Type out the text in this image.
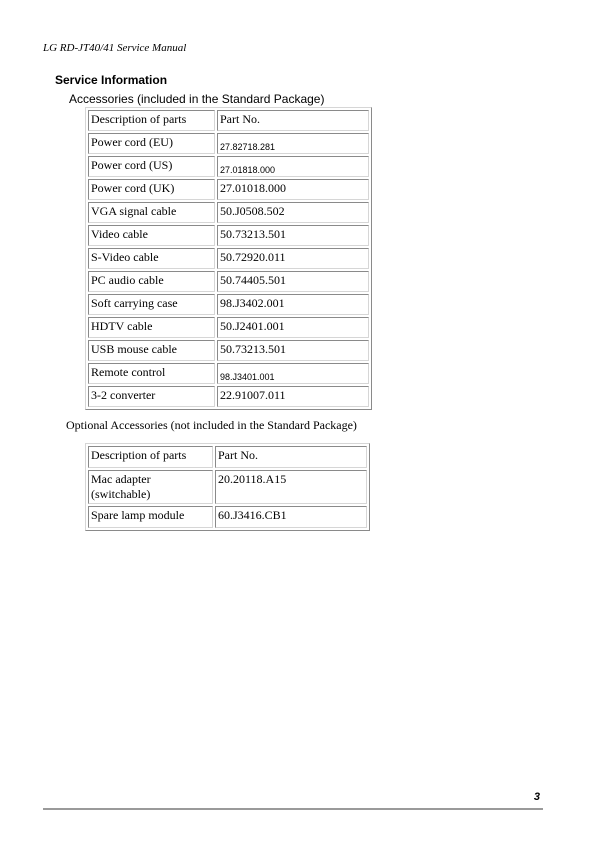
LG RD-JT40/41 Service Manual
Service Information
Accessories (included in the Standard Package)
Description of parts	Part No.
Power cord (EU)	27.82718.281
Power cord (US)	27.01818.000
Power cord (UK)	27.01018.000
VGA signal cable	50.J0508.502
Video cable	50.73213.501
S-Video cable	50.72920.011
PC audio cable	50.74405.501
Soft carrying case	98.J3402.001
HDTV cable	50.J2401.001
USB mouse cable	50.73213.501
Remote control	98.J3401.001
3-2 converter	22.91007.011
Optional Accessories (not included in the Standard Package)
Description of parts	Part No.
Mac adapter (switchable)	20.20118.A15
Spare lamp module	60.J3416.CB1
3
